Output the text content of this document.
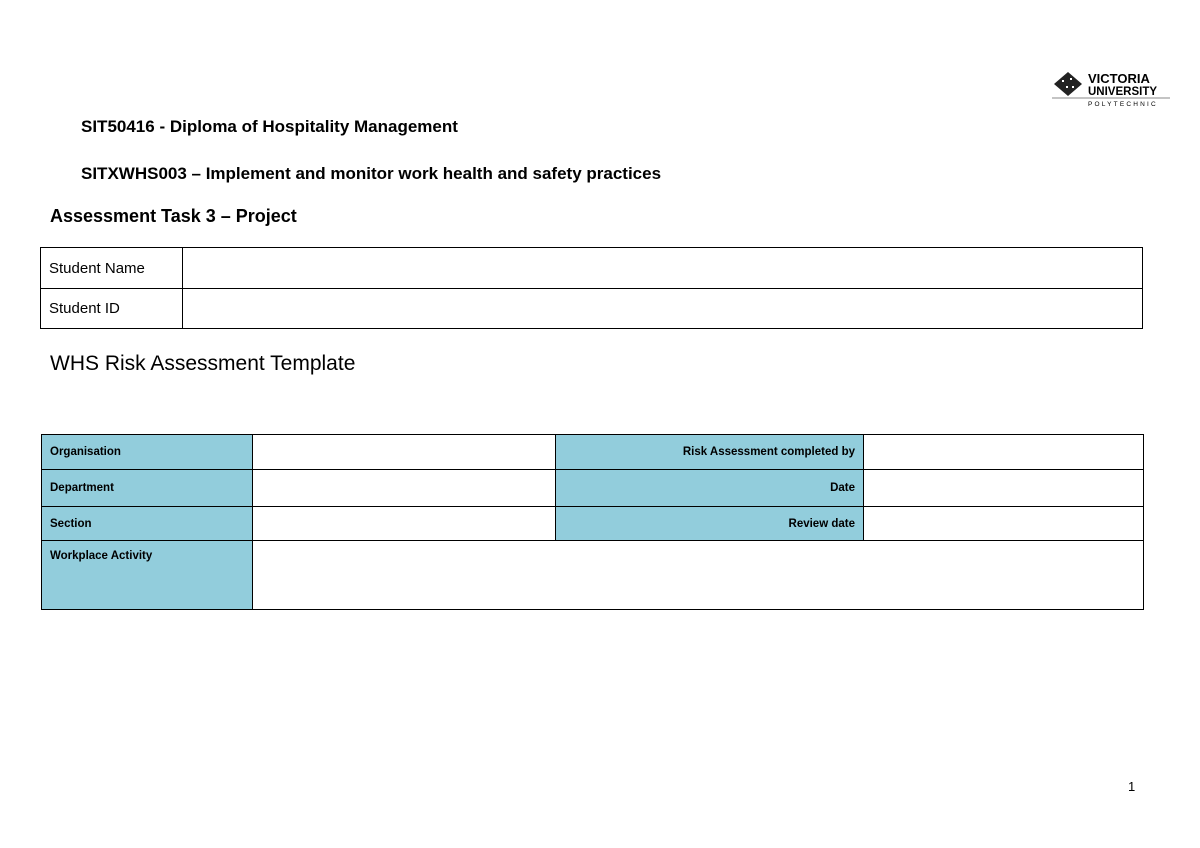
VICTORIA
UNIVERSITY
POLYTECHNIC
SIT50416 - Diploma of Hospitality Management
SITXWHS003 – Implement and monitor work health and safety practices
Assessment Task 3 – Project
Student Name	
Student ID	
WHS Risk Assessment Template
Organisation		Risk Assessment completed by	
Department		Date	
Section		Review date	
Workplace Activity			
1
